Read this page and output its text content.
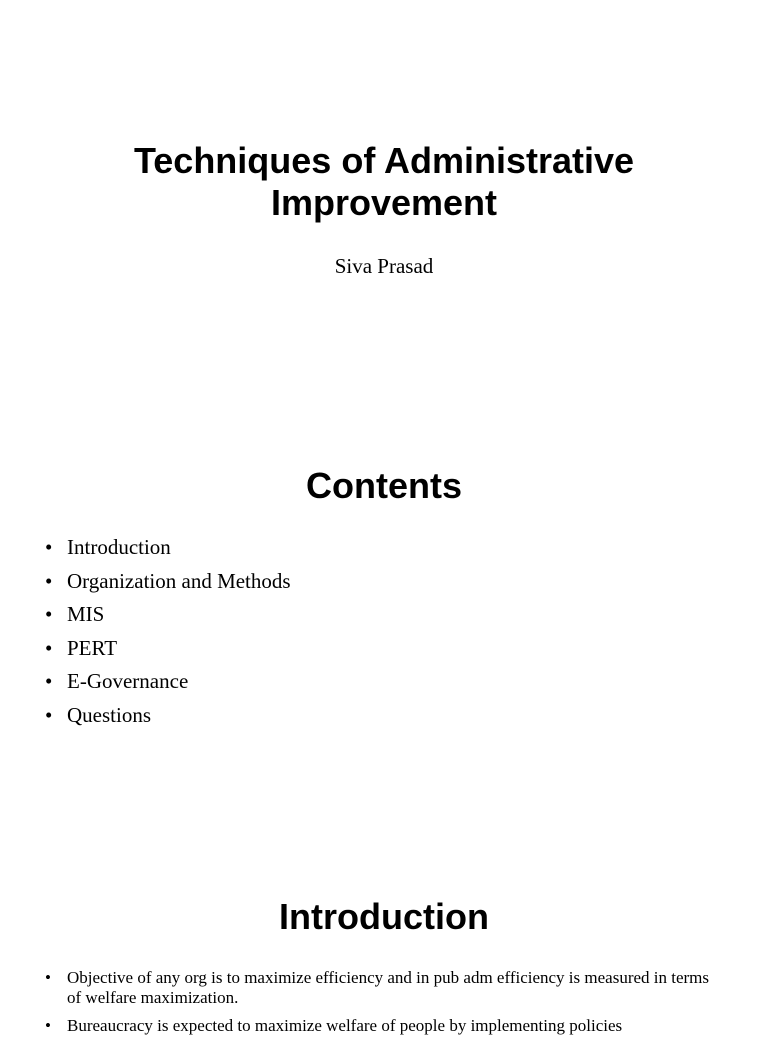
Techniques of Administrative Improvement
Siva Prasad
Contents
• Introduction
• Organization and Methods
• MIS
• PERT
• E-Governance
• Questions
Introduction
• Objective of any org is to maximize efficiency and in pub adm efficiency is measured in terms of welfare maximization.
• Bureaucracy is expected to maximize welfare of people by implementing policies
